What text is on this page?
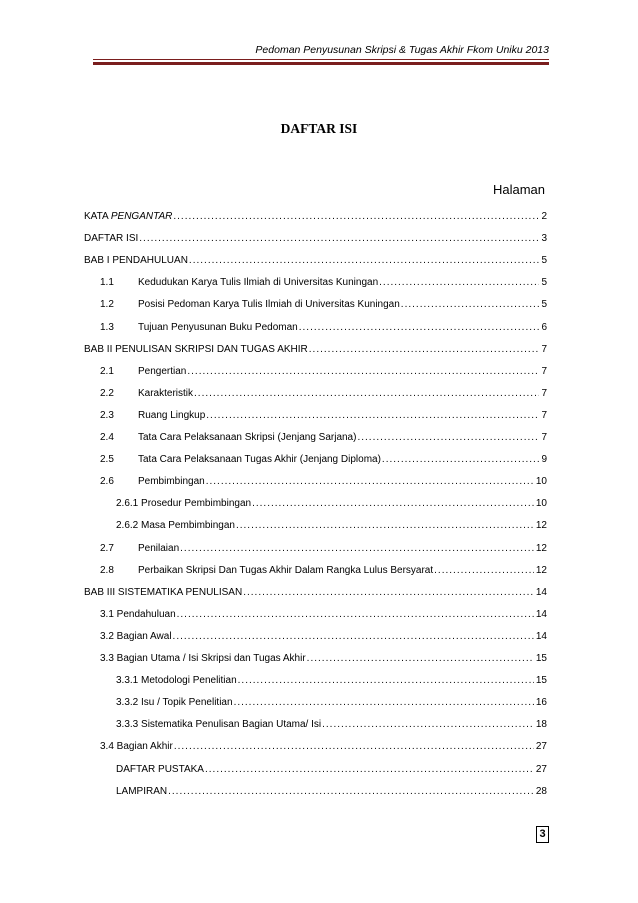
Pedoman Penyusunan Skripsi & Tugas Akhir Fkom Uniku 2013
DAFTAR ISI
Halaman
KATA PENGANTAR .....	2
DAFTAR ISI .....	3
BAB I PENDAHULUAN .....	5
1.1	Kedudukan Karya Tulis Ilmiah di Universitas Kuningan .....	5
1.2	Posisi Pedoman Karya Tulis Ilmiah di Universitas Kuningan .....	5
1.3	Tujuan Penyusunan Buku Pedoman .....	6
BAB II PENULISAN SKRIPSI DAN TUGAS AKHIR .....	7
2.1	Pengertian .....	7
2.2	Karakteristik .....	7
2.3	Ruang Lingkup .....	7
2.4	Tata Cara Pelaksanaan Skripsi (Jenjang Sarjana) .....	7
2.5	Tata Cara Pelaksanaan Tugas Akhir (Jenjang Diploma) .....	9
2.6	Pembimbingan .....	10
2.6.1 Prosedur Pembimbingan .....	10
2.6.2 Masa Pembimbingan .....	12
2.7	Penilaian .....	12
2.8	Perbaikan Skripsi Dan Tugas Akhir Dalam Rangka Lulus Bersyarat .....	12
BAB III SISTEMATIKA PENULISAN .....	14
3.1 Pendahuluan .....	14
3.2 Bagian Awal .....	14
3.3 Bagian Utama / Isi Skripsi dan Tugas Akhir .....	15
3.3.1 Metodologi Penelitian .....	15
3.3.2 Isu / Topik Penelitian .....	16
3.3.3 Sistematika Penulisan Bagian Utama/ Isi .....	18
3.4 Bagian Akhir .....	27
DAFTAR PUSTAKA .....	27
LAMPIRAN .....	28
3
